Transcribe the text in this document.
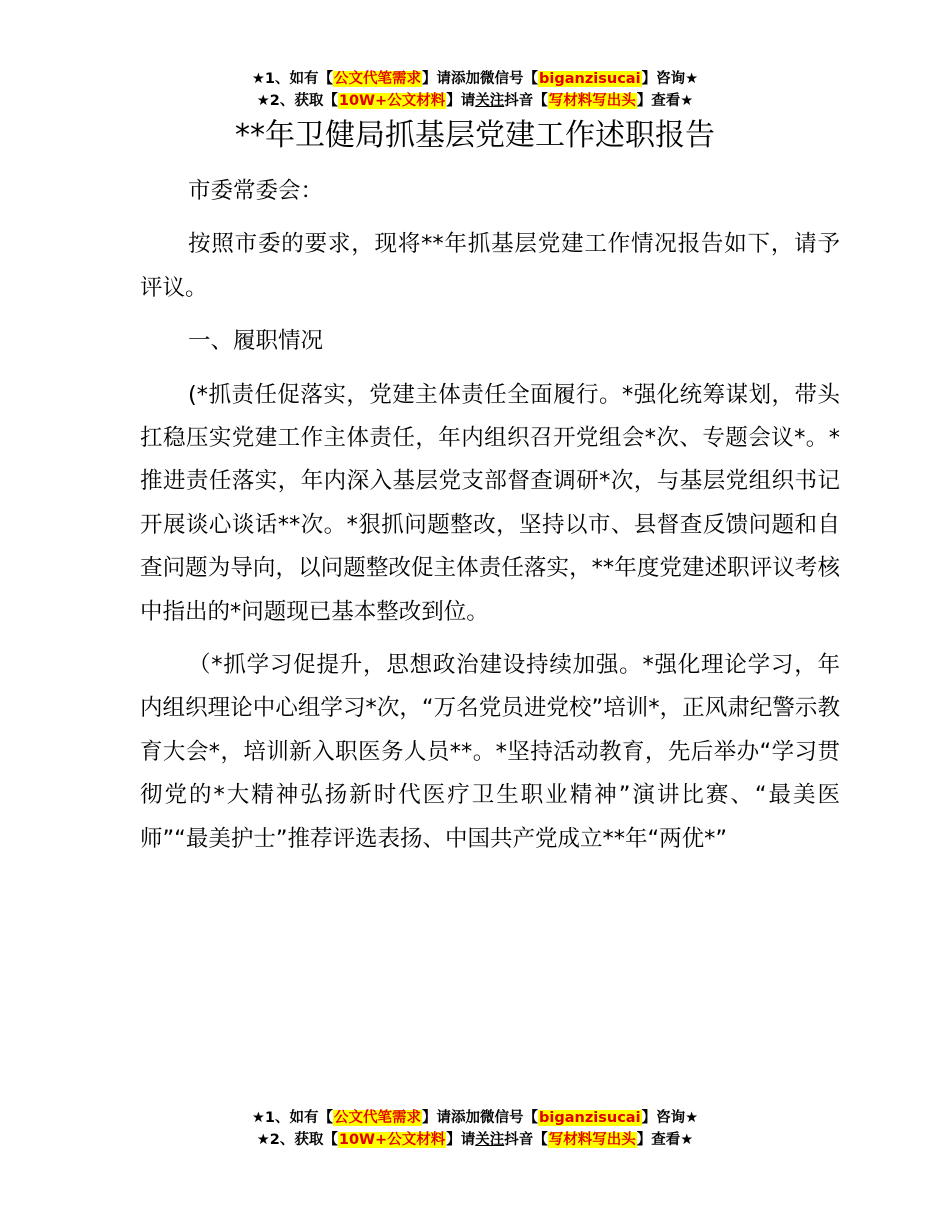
★1、如有【公文代笔需求】请添加微信号【biganzisucai】咨询★
★2、获取【10W+公文材料】请关注抖音【写材料写出头】查看★
**年卫健局抓基层党建工作述职报告

市委常委会：

按照市委的要求，现将**年抓基层党建工作情况报告如下，请予评议。

一、履职情况

(*抓责任促落实，党建主体责任全面履行。*强化统筹谋划，带头扛稳压实党建工作主体责任，年内组织召开党组会*次、专题会议*。*推进责任落实，年内深入基层党支部督查调研*次，与基层党组织书记开展谈心谈话**次。*狠抓问题整改，坚持以市、县督查反馈问题和自查问题为导向，以问题整改促主体责任落实，**年度党建述职评议考核中指出的*问题现已基本整改到位。

（*抓学习促提升，思想政治建设持续加强。*强化理论学习，年内组织理论中心组学习*次，“万名党员进党校”培训*，正风肃纪警示教育大会*，培训新入职医务人员**。*坚持活动教育，先后举办“学习贯彻党的*大精神弘扬新时代医疗卫生职业精神”演讲比赛、“最美医师”“最美护士”推荐评选表扬、中国共产党成立**年“两优*”

★1、如有【公文代笔需求】请添加微信号【biganzisucai】咨询★
★2、获取【10W+公文材料】请关注抖音【写材料写出头】查看★
